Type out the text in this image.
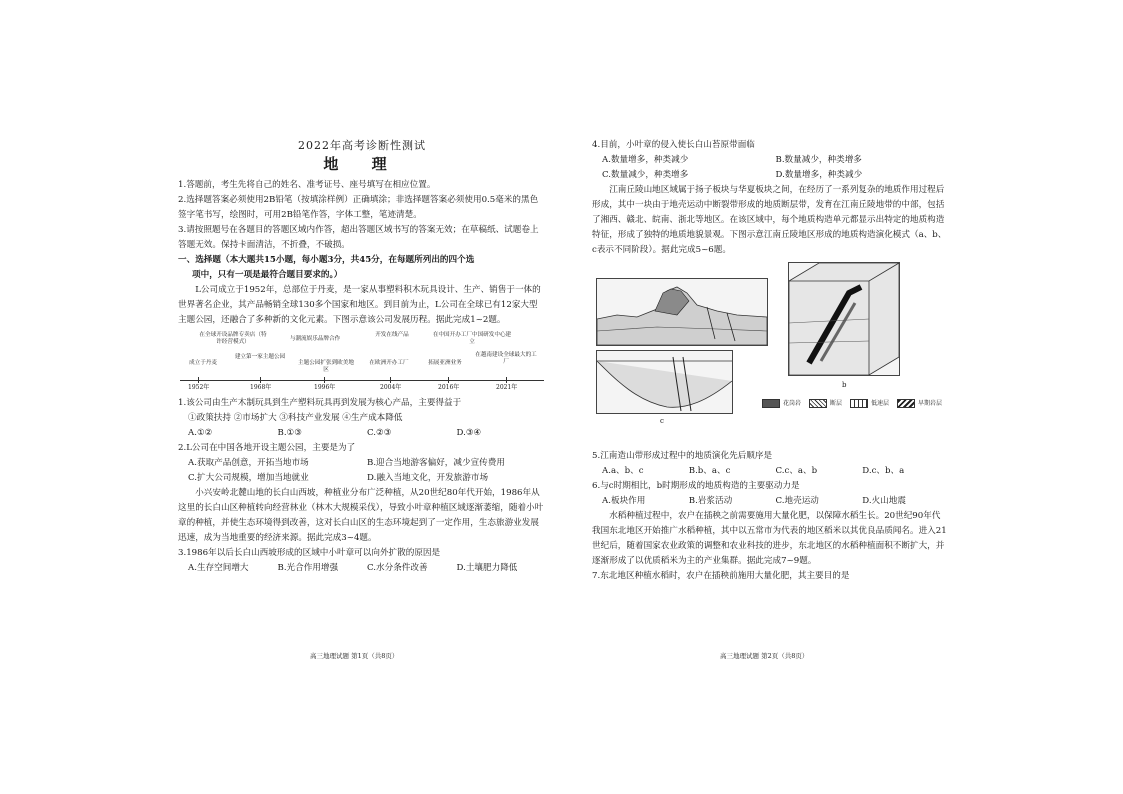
2022年高考诊断性测试
地 理

1.答题前，考生先将自己的姓名、准考证号、座号填写在相应位置。

2.选择题答案必须使用2B铅笔（按填涂样例）正确填涂；非选择题答案必须使用0.5毫米的黑色签字笔书写，绘图时，可用2B铅笔作答，字体工整，笔迹清楚。

3.请按照题号在各题目的答题区域内作答，超出答题区域书写的答案无效；在草稿纸、试题卷上答题无效。保持卡面清洁，不折叠，不破损。

一、选择题（本大题共15小题，每小题3分，共45分，在每题所列出的四个选

项中，只有一项是最符合题目要求的。）

L公司成立于1952年，总部位于丹麦，是一家从事塑料积木玩具设计、生产、销售于一体的世界著名企业，其产品畅销全球130多个国家和地区。到目前为止，L公司在全球已有12家大型主题公园，还融合了多种新的文化元素。下图示意该公司发展历程。据此完成1~2题。

在全球开设品牌专卖店（特许经营模式）	与潮流娱乐品牌合作
开发在线产品	在中国开办工厂中国研发中心建立
成立于丹麦
建立第一家主题公园
主题公园扩张到欧美地区
在欧洲开办工厂	拓展亚洲业务
在越南建设全球最大的工厂
1952年	1968年	1996年	2004年	2016年	2021年

1.该公司由生产木制玩具到生产塑料玩具再到发展为核心产品，主要得益于

①政策扶持 ②市场扩大 ③科技产业发展 ④生产成本降低

A.①②	B.①③	C.②③	D.③④

2.L公司在中国各地开设主题公园，主要是为了

A.获取产品创意，开拓当地市场	B.迎合当地游客偏好，减少宣传费用
C.扩大公司规模，增加当地就业	D.融入当地文化，开发旅游市场

小兴安岭北麓山地的长白山西坡，种植业分布广泛种植，从20世纪80年代开始，1986年从这里的长白山区种植转向经营林业（林木大规模采伐），导致小叶章种植区域逐渐萎缩，随着小叶章的种植，并使生态环境得到改善，这对长白山区的生态环境起到了一定作用，生态旅游业发展迅速，成为当地重要的经济来源。据此完成3~4题。

3.1986年以后长白山西坡形成的区域中小叶章可以向外扩散的原因是

A.生存空间增大	B.光合作用增强	C.水分条件改善	D.土壤肥力降低
高三地理试题 第1页（共8页）

4.目前，小叶章的侵入使长白山苔原带面临

A.数量增多，种类减少	B.数量减少，种类增多
C.数量减少，种类增多	D.数量增多，种类减少

江南丘陵山地区域属于扬子板块与华夏板块之间，在经历了一系列复杂的地质作用过程后形成，其中一块由于地壳运动中断裂带形成的地质断层带，发育在江南丘陵地带的中部，包括了湘西、赣北、皖南、浙北等地区。在该区域中，每个地质构造单元都显示出特定的地质构造特征，形成了独特的地质地貌景观。下图示意江南丘陵地区形成的地质构造演化模式（a、b、c表示不同阶段）。据此完成5~6题。

b
c
花岗岩	断层	低速层	早期岩层

5.江南造山带形成过程中的地质演化先后顺序是

A.a、b、c	B.b、a、c	C.c、a、b	D.c、b、a

6.与c时期相比，b时期形成的地质构造的主要驱动力是

A.板块作用	B.岩浆活动	C.地壳运动	D.火山地震

水稻种植过程中，农户在插秧之前需要施用大量化肥，以保障水稻生长。20世纪90年代我国东北地区开始推广水稻种植，其中以五常市为代表的地区稻米以其优良品质闻名。进入21世纪后，随着国家农业政策的调整和农业科技的进步，东北地区的水稻种植面积不断扩大，并逐渐形成了以优质稻米为主的产业集群。据此完成7~9题。

7.东北地区种植水稻时，农户在插秧前施用大量化肥，其主要目的是

高三地理试题 第2页（共8页）
